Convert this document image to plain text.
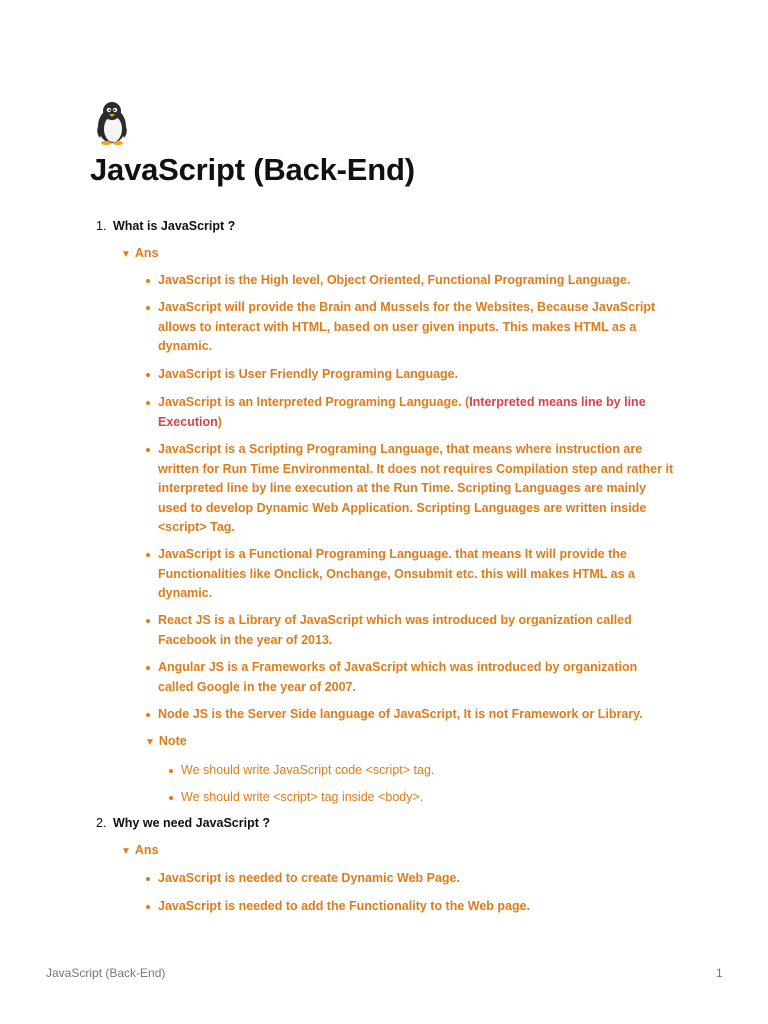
JavaScript (Back-End)
1. What is JavaScript ?
▼ Ans
JavaScript is the High level, Object Oriented, Functional Programing Language.
JavaScript will provide the Brain and Mussels for the Websites, Because JavaScript allows to interact with HTML, based on user given inputs. This makes HTML as a dynamic.
JavaScript is User Friendly Programing Language.
JavaScript is an Interpreted Programing Language. (Interpreted means line by line Execution)
JavaScript is a Scripting Programing Language, that means where instruction are written for Run Time Environmental. It does not requires Compilation step and rather it interpreted line by line execution at the Run Time. Scripting Languages are mainly used to develop Dynamic Web Application. Scripting Languages are written inside <script> Tag.
JavaScript is a Functional Programing Language. that means It will provide the Functionalities like Onclick, Onchange, Onsubmit etc. this will makes HTML as a dynamic.
React JS is a Library of JavaScript which was introduced by organization called Facebook in the year of 2013.
Angular JS is a Frameworks of JavaScript which was introduced by organization called Google in the year of 2007.
Node JS is the Server Side language of JavaScript, It is not Framework or Library.
▼ Note
We should write JavaScript code <script> tag.
We should write <script> tag inside <body>.
2. Why we need JavaScript ?
▼ Ans
JavaScript is needed to create Dynamic Web Page.
JavaScript is needed to add the Functionality to the Web page.
JavaScript (Back-End)	1
